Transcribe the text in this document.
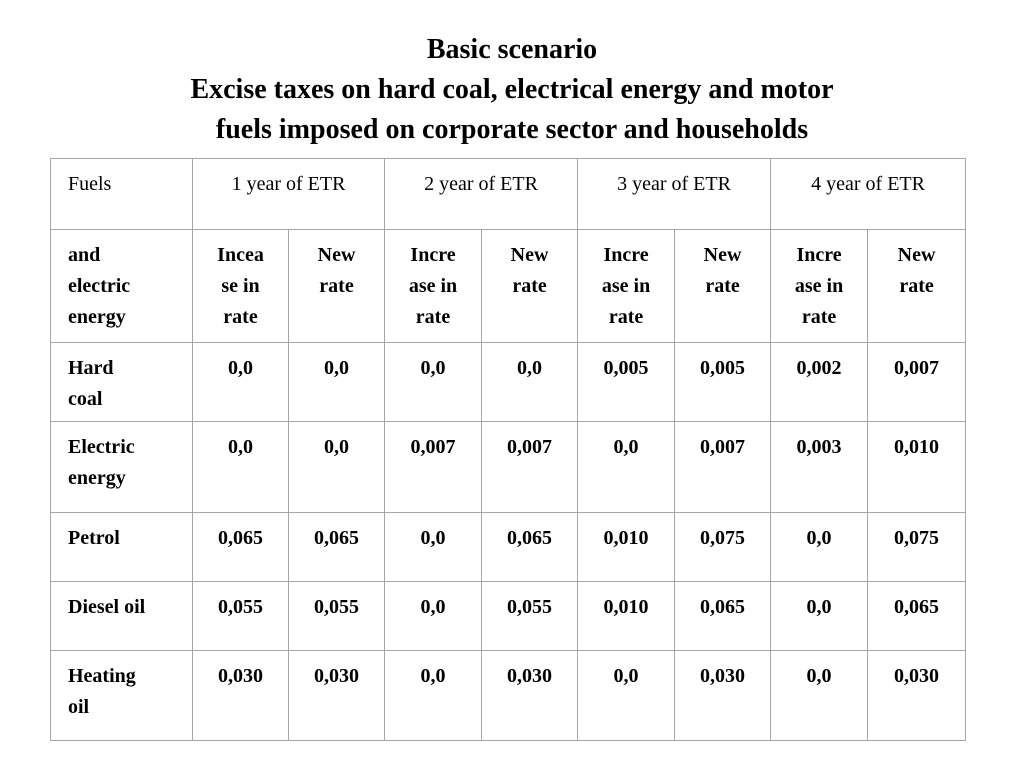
Basic scenario
Excise taxes on hard coal, electrical energy and motor
fuels imposed on corporate sector and households
Fuels	1 year of ETR		2 year of ETR		3 year of ETR		4 year of ETR	

and
electric
energy	Incea
se in
rate	New
rate	Incre
ase in
rate	New
rate	Incre
ase in
rate	New
rate	Incre
ase in
rate	New
rate

Hard
coal	0,0	0,0	0,0	0,0	0,005	0,005	0,002	0,007

Electric
energy	0,0	0,0	0,007	0,007	0,0	0,007	0,003	0,010

Petrol	0,065	0,065	0,0	0,065	0,010	0,075	0,0	0,075

Diesel oil	0,055	0,055	0,0	0,055	0,010	0,065	0,0	0,065

Heating
oil	0,030	0,030	0,0	0,030	0,0	0,030	0,0	0,030
